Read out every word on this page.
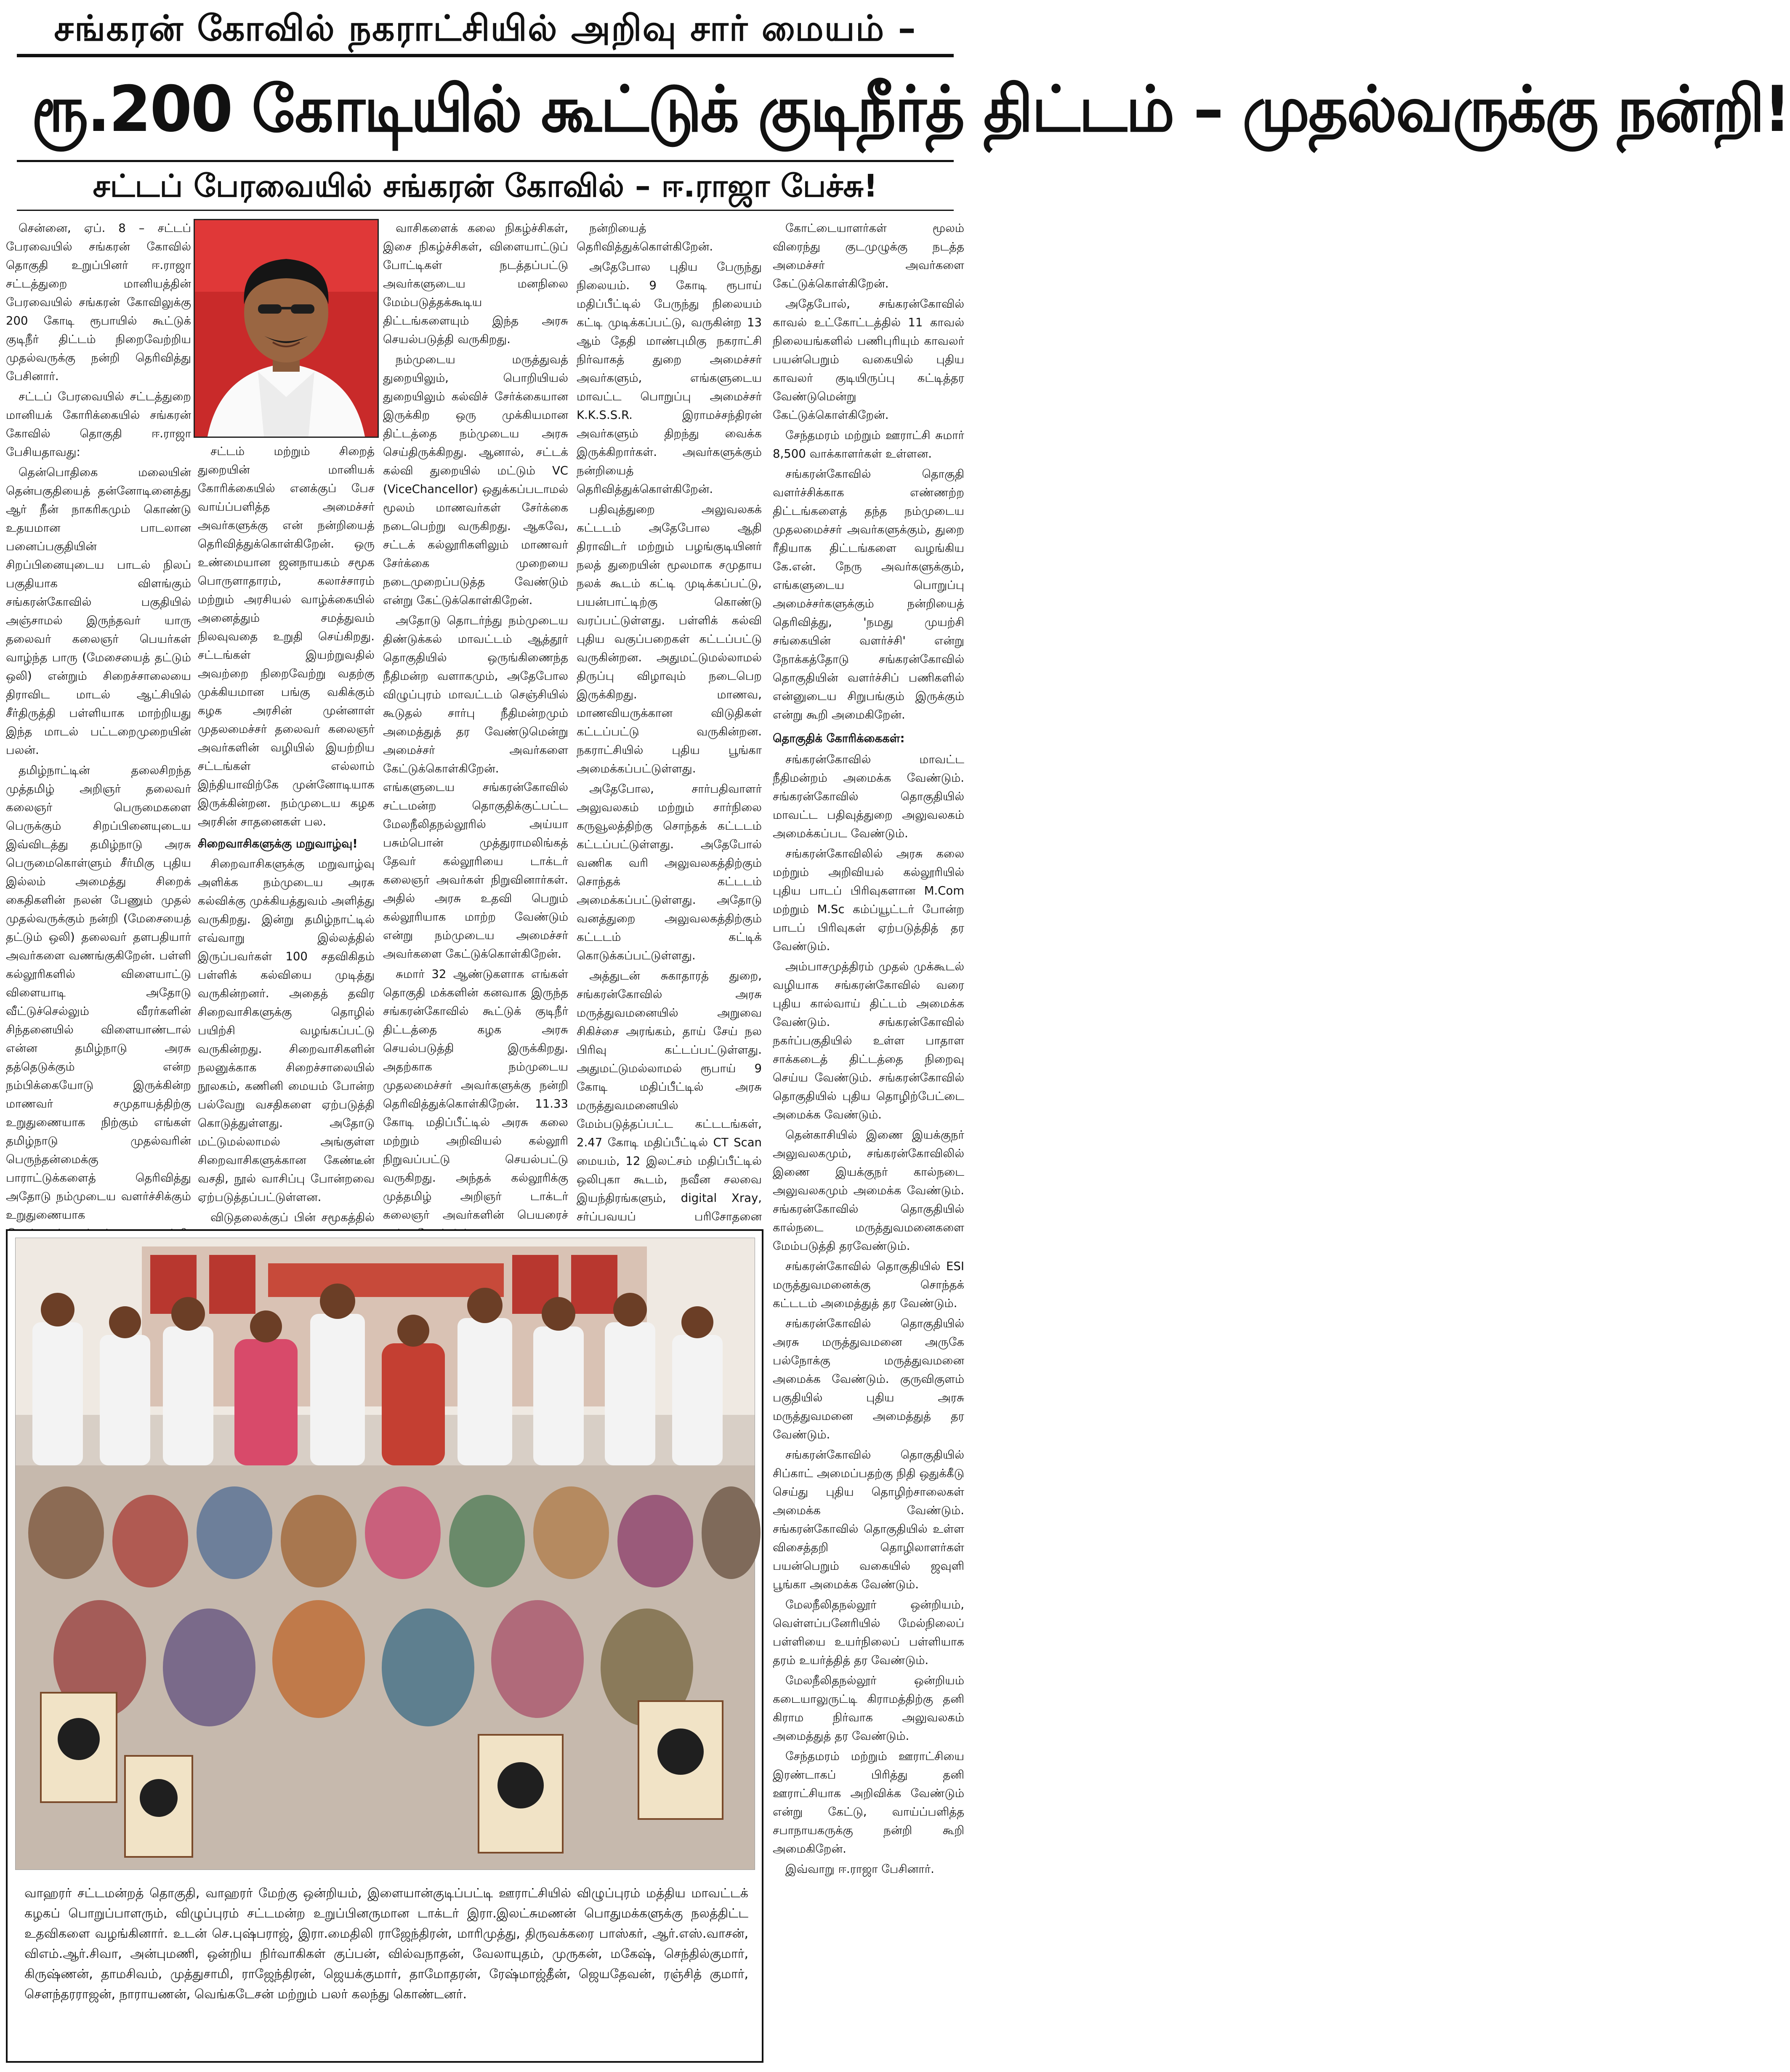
சங்கரன் கோவில் நகராட்சியில் அறிவு சார் மையம் –
ரூ.200 கோடியில் கூட்டுக் குடிநீர்த் திட்டம் – முதல்வருக்கு நன்றி!
சட்டப் பேரவையில் சங்கரன் கோவில் – ஈ.ராஜா பேச்சு!

சென்னை, ஏப். 8 – சட்டப் பேரவையில் சங்கரன் கோவில் தொகுதி உறுப்பினர் ஈ.ராஜா சட்டத்துறை மானியத்தின் பேரவையில் சங்கரன் கோவிலுக்கு 200 கோடி ரூபாயில் கூட்டுக் குடிநீர் திட்டம் நிறைவேற்றிய முதல்வருக்கு நன்றி தெரிவித்து பேசினார்.

சட்டப் பேரவையில் சட்டத்துறை மானியக் கோரிக்கையில் சங்கரன் கோவில் தொகுதி ஈ.ராஜா பேசியதாவது:

தென்பொதிகை மலையின் தென்பகுதியைத் தன்னோடினைத்து ஆர் நீன் நாகரிகமும் கொண்டு உதயமான பாடலான பனைப்பகுதியின் சிறப்பினையுடைய பாடல் நிலப் பகுதியாக விளங்கும் சங்கரன்கோவில் பகுதியில் அஞ்சாமல் இருந்தவர் யாரு தலைவர் கலைஞர் பெயர்கள் வாழ்ந்த பாரு (மேசையைத் தட்டும் ஒலி) என்றும் சிறைச்சாலையை திராவிட மாடல் ஆட்சியில் சீர்திருத்தி பள்ளியாக மாற்றியது இந்த மாடல் பட்டறைமுறையின் பலன்.

தமிழ்நாட்டின் தலைசிறந்த முத்தமிழ் அறிஞர் தலைவர் கலைஞர் பெருமைகளை பெருக்கும் சிறப்பினையுடைய இவ்விடத்து தமிழ்நாடு அரசு பெருமைகொள்ளும் சீர்மிகு புதிய இல்லம் அமைத்து சிறைக் கைதிகளின் நலன் பேணும் முதல் முதல்வருக்கும் நன்றி (மேசையைத் தட்டும் ஒலி) தலைவர் தளபதியார் அவர்களை வணங்குகிறேன். பள்ளி கல்லூரிகளில் விளையாட்டு விளையாடி அதோடு வீட்டுச்செல்லும் வீரர்களின் சிந்தனையில் விளையாண்டால் என்ன தமிழ்நாடு அரசு தத்தெடுக்கும் என்ற நம்பிக்கையோடு இருக்கின்ற மாணவர் சமுதாயத்திற்கு உறுதுணையாக நிற்கும் எங்கள் தமிழ்நாடு முதல்வரின் பெருந்தன்மைக்கு பாராட்டுக்களைத் தெரிவித்து அதோடு நம்முடைய வளர்ச்சிக்கும் உறுதுணையாக

சட்டம் மற்றும் சிறைத் துறையின் மானியக் கோரிக்கையில் எனக்குப் பேச வாய்ப்பளித்த அமைச்சர் அவர்களுக்கு என் நன்றியைத் தெரிவித்துக்கொள்கிறேன். ஒரு உண்மையான ஜனநாயகம் சமூக பொருளாதாரம், கலாச்சாரம் மற்றும் அரசியல் வாழ்க்கையில் அனைத்தும் சமத்துவம் நிலவுவதை உறுதி செய்கிறது. சட்டங்கள் இயற்றுவதில் அவற்றை நிறைவேற்று வதற்கு முக்கியமான பங்கு வகிக்கும் கழக அரசின் முன்னாள் முதலமைச்சர் தலைவர் கலைஞர் அவர்களின் வழியில் இயற்றிய சட்டங்கள் எல்லாம் இந்தியாவிற்கே முன்னோடியாக இருக்கின்றன. நம்முடைய கழக அரசின் சாதனைகள் பல.

சிறைவாசிகளுக்கு மறுவாழ்வு!

சிறைவாசிகளுக்கு மறுவாழ்வு அளிக்க நம்முடைய அரசு கல்விக்கு முக்கியத்துவம் அளித்து வருகிறது. இன்று தமிழ்நாட்டில் எவ்வாறு இல்லத்தில் இருப்பவர்கள் 100 சதவிகிதம் பள்ளிக் கல்வியை முடித்து வருகின்றனர். அதைத் தவிர சிறைவாசிகளுக்கு தொழில் பயிற்சி வழங்கப்பட்டு வருகின்றது. சிறைவாசிகளின் நலனுக்காக சிறைச்சாலையில் நூலகம், கணினி மையம் போன்ற பல்வேறு வசதிகளை ஏற்படுத்தி கொடுத்துள்ளது. அதோடு மட்டுமல்லாமல் அங்குள்ள சிறைவாசிகளுக்கான கேண்டீன் வசதி, நூல் வாசிப்பு போன்றவை ஏற்படுத்தப்பட்டுள்ளன.

விடுதலைக்குப் பின் சமூகத்தில்

வாசிகளைக் கலை நிகழ்ச்சிகள், இசை நிகழ்ச்சிகள், விளையாட்டுப் போட்டிகள் நடத்தப்பட்டு அவர்களுடைய மனநிலை மேம்படுத்தக்கூடிய திட்டங்களையும் இந்த அரசு செயல்படுத்தி வருகிறது.

நம்முடைய மருத்துவத் துறையிலும், பொறியியல் துறையிலும் கல்விச் சேர்க்கையான இருக்கிற ஒரு முக்கியமான திட்டத்தை நம்முடைய அரசு செய்திருக்கிறது. ஆனால், சட்டக் கல்வி துறையில் மட்டும் VC (ViceChancellor) ஒதுக்கப்படாமல் மூலம் மாணவர்கள் சேர்க்கை நடைபெற்று வருகிறது. ஆகவே, சட்டக் கல்லூரிகளிலும் மாணவர் சேர்க்கை முறையை நடைமுறைப்படுத்த வேண்டும் என்று கேட்டுக்கொள்கிறேன்.

அதோடு தொடர்ந்து நம்முடைய திண்டுக்கல் மாவட்டம் ஆத்தூர் தொகுதியில் ஒருங்கிணைந்த நீதிமன்ற வளாகமும், அதேபோல விழுப்புரம் மாவட்டம் செஞ்சியில் கூடுதல் சார்பு நீதிமன்றமும் அமைத்துத் தர வேண்டுமென்று அமைச்சர் அவர்களை கேட்டுக்கொள்கிறேன். எங்களுடைய சங்கரன்கோவில் சட்டமன்ற தொகுதிக்குட்பட்ட மேலநீலிதநல்லூரில் அய்யா பசும்பொன் முத்துராமலிங்கத் தேவர் கல்லூரியை டாக்டர் கலைஞர் அவர்கள் நிறுவினார்கள். அதில் அரசு உதவி பெறும் கல்லூரியாக மாற்ற வேண்டும் என்று நம்முடைய அமைச்சர் அவர்களை கேட்டுக்கொள்கிறேன்.

சுமார் 32 ஆண்டுகளாக எங்கள் தொகுதி மக்களின் கனவாக இருந்த சங்கரன்கோவில் கூட்டுக் குடிநீர் திட்டத்தை கழக அரசு செயல்படுத்தி இருக்கிறது. அதற்காக நம்முடைய முதலமைச்சர் அவர்களுக்கு நன்றி தெரிவித்துக்கொள்கிறேன். 11.33 கோடி மதிப்பீட்டில் அரசு கலை மற்றும் அறிவியல் கல்லூரி நிறுவப்பட்டு செயல்பட்டு வருகிறது. அந்தக் கல்லூரிக்கு முத்தமிழ் அறிஞர் டாக்டர் கலைஞர் அவர்களின் பெயரைச்

நன்றியைத் தெரிவித்துக்கொள்கிறேன்.

அதேபோல புதிய பேருந்து நிலையம். 9 கோடி ரூபாய் மதிப்பீட்டில் பேருந்து நிலையம் கட்டி முடிக்கப்பட்டு, வருகின்ற 13 ஆம் தேதி மாண்புமிகு நகராட்சி நிர்வாகத் துறை அமைச்சர் அவர்களும், எங்களுடைய மாவட்ட பொறுப்பு அமைச்சர் K.K.S.S.R. இராமச்சந்திரன் அவர்களும் திறந்து வைக்க இருக்கிறார்கள். அவர்களுக்கும் நன்றியைத் தெரிவித்துக்கொள்கிறேன்.

பதிவுத்துறை அலுவலகக் கட்டடம் அதேபோல ஆதி திராவிடர் மற்றும் பழங்குடியினர் நலத் துறையின் மூலமாக சமுதாய நலக் கூடம் கட்டி முடிக்கப்பட்டு, பயன்பாட்டிற்கு கொண்டு வரப்பட்டுள்ளது. பள்ளிக் கல்வி புதிய வகுப்பறைகள் கட்டப்பட்டு வருகின்றன. அதுமட்டுமல்லாமல் திருப்பு விழாவும் நடைபெற இருக்கிறது. மாணவ, மாணவியருக்கான விடுதிகள் கட்டப்பட்டு வருகின்றன. நகராட்சியில் புதிய பூங்கா அமைக்கப்பட்டுள்ளது.

அதேபோல, சார்பதிவாளர் அலுவலகம் மற்றும் சார்நிலை கருவூலத்திற்கு சொந்தக் கட்டடம் கட்டப்பட்டுள்ளது. அதேபோல் வணிக வரி அலுவலகத்திற்கும் சொந்தக் கட்டடம் அமைக்கப்பட்டுள்ளது. அதோடு வனத்துறை அலுவலகத்திற்கும் கட்டடம் கட்டிக் கொடுக்கப்பட்டுள்ளது.

அத்துடன் சுகாதாரத் துறை, சங்கரன்கோவில் அரசு மருத்துவமனையில் அறுவை சிகிச்சை அரங்கம், தாய் சேய் நல பிரிவு கட்டப்பட்டுள்ளது. அதுமட்டுமல்லாமல் ரூபாய் 9 கோடி மதிப்பீட்டில் அரசு மருத்துவமனையில் மேம்படுத்தப்பட்ட கட்டடங்கள், 2.47 கோடி மதிப்பீட்டில் CT Scan மையம், 12 இலட்சம் மதிப்பீட்டில் ஒலிபுகா கூடம், நவீன சலவை இயந்திரங்களும், digital Xray, சர்ப்பவயப் பரிசோதனை

கோட்டையாளர்கள் மூலம் விரைந்து குடமுழுக்கு நடத்த அமைச்சர் அவர்களை கேட்டுக்கொள்கிறேன்.

அதேபோல், சங்கரன்கோவில் காவல் உட்கோட்டத்தில் 11 காவல் நிலையங்களில் பணிபுரியும் காவலர் பயன்பெறும் வகையில் புதிய காவலர் குடியிருப்பு கட்டித்தர வேண்டுமென்று கேட்டுக்கொள்கிறேன்.

சேந்தமரம் மற்றும் ஊராட்சி சுமார் 8,500 வாக்காளர்கள் உள்ளன.

சங்கரன்கோவில் தொகுதி வளர்ச்சிக்காக எண்ணற்ற திட்டங்களைத் தந்த நம்முடைய முதலமைச்சர் அவர்களுக்கும், துறை ரீதியாக திட்டங்களை வழங்கிய கே.என். நேரு அவர்களுக்கும், எங்களுடைய பொறுப்பு அமைச்சர்களுக்கும் நன்றியைத் தெரிவித்து, 'நமது முயற்சி சங்கையின் வளர்ச்சி' என்று நோக்கத்தோடு சங்கரன்கோவில் தொகுதியின் வளர்ச்சிப் பணிகளில் என்னுடைய சிறுபங்கும் இருக்கும் என்று கூறி அமைகிறேன்.

தொகுதிக் கோரிக்கைகள்:

சங்கரன்கோவில் மாவட்ட நீதிமன்றம் அமைக்க வேண்டும். சங்கரன்கோவில் தொகுதியில் மாவட்ட பதிவுத்துறை அலுவலகம் அமைக்கப்பட வேண்டும்.

சங்கரன்கோவிலில் அரசு கலை மற்றும் அறிவியல் கல்லூரியில் புதிய பாடப் பிரிவுகளான M.Com மற்றும் M.Sc கம்ப்யூட்டர் போன்ற பாடப் பிரிவுகள் ஏற்படுத்தித் தர வேண்டும்.

அம்பாசமுத்திரம் முதல் முக்கூடல் வழியாக சங்கரன்கோவில் வரை புதிய கால்வாய் திட்டம் அமைக்க வேண்டும். சங்கரன்கோவில் நகர்ப்பகுதியில் உள்ள பாதாள சாக்கடைத் திட்டத்தை நிறைவு செய்ய வேண்டும். சங்கரன்கோவில் தொகுதியில் புதிய தொழிற்பேட்டை அமைக்க வேண்டும்.

தென்காசியில் இணை இயக்குநர் அலுவலகமும், சங்கரன்கோவிலில் இணை இயக்குநர் கால்நடை அலுவலகமும் அமைக்க வேண்டும். சங்கரன்கோவில் தொகுதியில் கால்நடை மருத்துவமனைகளை மேம்படுத்தி தரவேண்டும்.

சங்கரன்கோவில் தொகுதியில் ESI மருத்துவமனைக்கு சொந்தக் கட்டடம் அமைத்துத் தர வேண்டும்.

சங்கரன்கோவில் தொகுதியில் அரசு மருத்துவமனை அருகே பல்நோக்கு மருத்துவமனை அமைக்க வேண்டும். குருவிகுளம் பகுதியில் புதிய அரசு மருத்துவமனை அமைத்துத் தர வேண்டும்.

சங்கரன்கோவில் தொகுதியில் சிப்காட் அமைப்பதற்கு நிதி ஒதுக்கீடு செய்து புதிய தொழிற்சாலைகள் அமைக்க வேண்டும். சங்கரன்கோவில் தொகுதியில் உள்ள விசைத்தறி தொழிலாளர்கள் பயன்பெறும் வகையில் ஜவுளி பூங்கா அமைக்க வேண்டும்.

மேலநீலிதநல்லூர் ஒன்றியம், வெள்ளப்பனேரியில் மேல்நிலைப் பள்ளியை உயர்நிலைப் பள்ளியாக தரம் உயர்த்தித் தர வேண்டும்.

மேலநீலிதநல்லூர் ஒன்றியம் கடையாலுருட்டி கிராமத்திற்கு தனி கிராம நிர்வாக அலுவலகம் அமைத்துத் தர வேண்டும்.

சேந்தமரம் மற்றும் ஊராட்சியை இரண்டாகப் பிரித்து தனி ஊராட்சியாக அறிவிக்க வேண்டும் என்று கேட்டு, வாய்ப்பளித்த சபாநாயகருக்கு நன்றி கூறி அமைகிறேன்.

இவ்வாறு ஈ.ராஜா பேசினார்.

வாஹரர் சட்டமன்றத் தொகுதி, வாஹரர் மேற்கு ஒன்றியம், இளையான்குடிப்பட்டி ஊராட்சியில் விழுப்புரம் மத்திய மாவட்டக் கழகப் பொறுப்பாளரும், விழுப்புரம் சட்டமன்ற உறுப்பினருமான டாக்டர் இரா.இலட்சுமணன் பொதுமக்களுக்கு நலத்திட்ட உதவிகளை வழங்கினார். உடன் செ.புஷ்பராஜ், இரா.மைதிலி ராஜேந்திரன், மாரிமுத்து, திருவக்கரை பாஸ்கர், ஆர்.எஸ்.வாசன், விஎம்.ஆர்.சிவா, அன்புமணி, ஒன்றிய நிர்வாகிகள் குப்பன், வில்வநாதன், வேலாயுதம், முருகன், மகேஷ், செந்தில்குமார், கிருஷ்ணன், தாமசிவம், முத்துசாமி, ராஜேந்திரன், ஜெயக்குமார், தாமோதரன், ரேஷ்மாஜ்தீன், ஜெயதேவன், ரஞ்சித் குமார், செளந்தரராஜன், நாராயணன், வெங்கடேசன் மற்றும் பலர் கலந்து கொண்டனர்.
